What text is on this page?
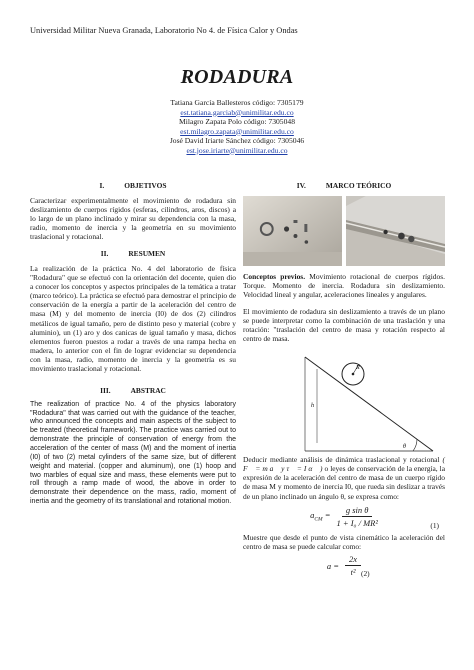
Universidad Militar Nueva Granada, Laboratorio No 4. de Física Calor y Ondas
RODADURA
Tatiana García Ballesteros código: 7305179
est.tatiana.garciab@unimilitar.edu.co
Milagro Zapata Polo código: 7305048
est.milagro.zapata@unimilitar.edu.co
José David Iriarte Sánchez código: 7305046
est.jose.iriarte@unimilitar.edu.co
I.	OBJETIVOS

Caracterizar experimentalmente el movimiento de rodadura sin deslizamiento de cuerpos rígidos (esferas, cilindros, aros, discos) a lo largo de un plano inclinado y mirar su dependencia con la masa, radio, momento de inercia y la geometría en su movimiento traslacional y rotacional.

II.	RESUMEN

La realización de la práctica No. 4 del laboratorio de física "Rodadura" que se efectuó con la orientación del docente, quien dio a conocer los conceptos y aspectos principales de la temática a tratar (marco teórico). La práctica se efectuó para demostrar el principio de conservación de la energía a partir de la aceleración del centro de masa (M) y del momento de inercia (I0) de dos (2) cilindros metálicos de igual tamaño, pero de distinto peso y material (cobre y aluminio), un (1) aro y dos canicas de igual tamaño y masa, dichos elementos fueron puestos a rodar a través de una rampa hecha en madera, lo anterior con el fin de lograr evidenciar su dependencia con la masa, radio, momento de inercia y la geometría es su movimiento traslacional y rotacional.

III.	ABSTRAC

The realization of practice No. 4 of the physics laboratory "Rodadura" that was carried out with the guidance of the teacher, who announced the concepts and main aspects of the subject to be treated (theoretical framework). The practice was carried out to demonstrate the principle of conservation of energy from the acceleration of the center of mass (M) and the moment of inertia (I0) of two (2) metal cylinders of the same size, but of different weight and material. (copper and aluminum), one (1) hoop and two marbles of equal size and mass, these elements were put to roll through a ramp made of wood, the above in order to demonstrate their dependence on the mass, radio, moment of inertia and the geometry of its translational and rotational motion.

IV.	MARCO TEÓRICO

Conceptos previos. Movimiento rotacional de cuerpos rígidos. Torque. Momento de inercia. Rodadura sin deslizamiento. Velocidad lineal y angular, aceleraciones lineales y angulares.

El movimiento de rodadura sin deslizamiento a través de un plano se puede interpretar como la combinación de una traslación y una rotación: "traslación del centro de masa y rotación respecto al centro de masa.

R
h
θ

Deducir mediante análisis de dinámica traslacional y rotacional ( F⃗ = m a⃗ y τ⃗ = I α⃗ ) o leyes de conservación de la energía, la expresión de la aceleración del centro de masa de un cuerpo rígido de masa M y momento de inercia I0, que rueda sin deslizar a través de un plano inclinado un ángulo θ, se expresa como:

$a_{CM} = \frac{\text{g sin θ}}{\text{1 + I₀ / MR²}}$	(1)

Muestre que desde el punto de vista cinemático la aceleración del centro de masa se puede calcular como:

$a = \frac{2x}{\text{t²}} (2)$
